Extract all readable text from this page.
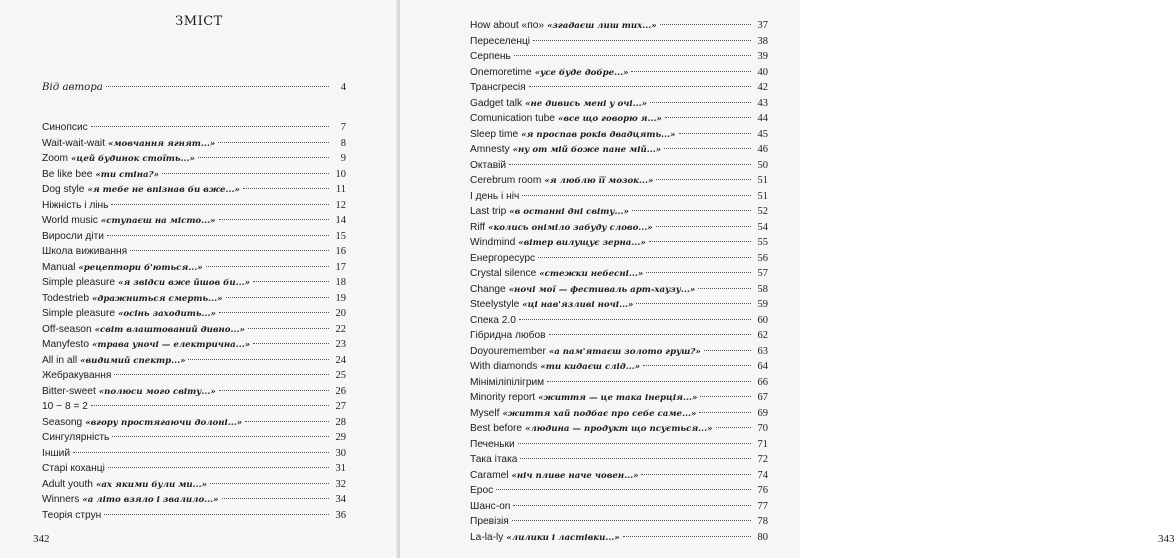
ЗМІСТ
Від автора	4
Синопсис	7
Wait-wait-wait «мовчання ягнят...»	8
Zoom «цей будинок стоїть...»	9
Be like bee «ти стіна?»	10
Dog style «я тебе не впізнав би вже...»	11
Ніжність і лінь	12
World music «ступаєш на місто...»	14
Виросли діти	15
Школа виживання	16
Manual «рецептори б'ються...»	17
Simple pleasure «я звідси вже йшов би...»	18
Todestrieb «дражниться смерть...»	19
Simple pleasure «осінь заходить...»	20
Off-season «світ влаштований дивно...»	22
Manyfesto «трава уночі — електрична...»	23
All in all «видимий спектр...»	24
Жебракування	25
Bitter-sweet «полюси мого світу...»	26
10 − 8 = 2	27
Seasong «вгору простягаючи долоні...»	28
Сингулярність	29
Інший	30
Старі коханці	31
Adult youth «ах якими були ми...»	32
Winners «а літо взяло і звалило...»	34
Теорія струн	36
342
How about «по» «згадаєш лиш тих...»	37
Переселенці	38
Серпень	39
Onemoretime «усе буде добре...»	40
Трансгресія	42
Gadget talk «не дивись мені у очі...»	43
Comunication tube «все що говорю я...»	44
Sleep time «я проспав років двадцять...»	45
Amnesty «ну от мій боже пане мій...»	46
Октавій	50
Cerebrum room «я люблю її мозок...»	51
І день і ніч	51
Last trip «в останні дні світу...»	52
Riff «колись оніміло забуду слово...»	54
Windmind «вітер вилущує зерна...»	55
Енергоресурс	56
Crystal silence «стежки небесні...»	57
Change «ночі мої — фестиваль арт-хаузу...»	58
Steelystyle «ці нав'язливі ночі...»	59
Спека 2.0	60
Гібридна любов	62
Doyouremember «а пам'ятаєш золото груш?»	63
With diamonds «ти кидаєш слід...»	64
Мініміліпілігрим	66
Minority report «життя — це така інерція...»	67
Myself «життя хай подбає про себе саме...»	69
Best before «людина — продукт що псується...»	70
Печеньки	71
Така ітака	72
Caramel «ніч пливе наче човен...»	74
Ерос	76
Шанс-on	77
Превізія	78
La-la-ly «лилики і ластівки...»	80	343
